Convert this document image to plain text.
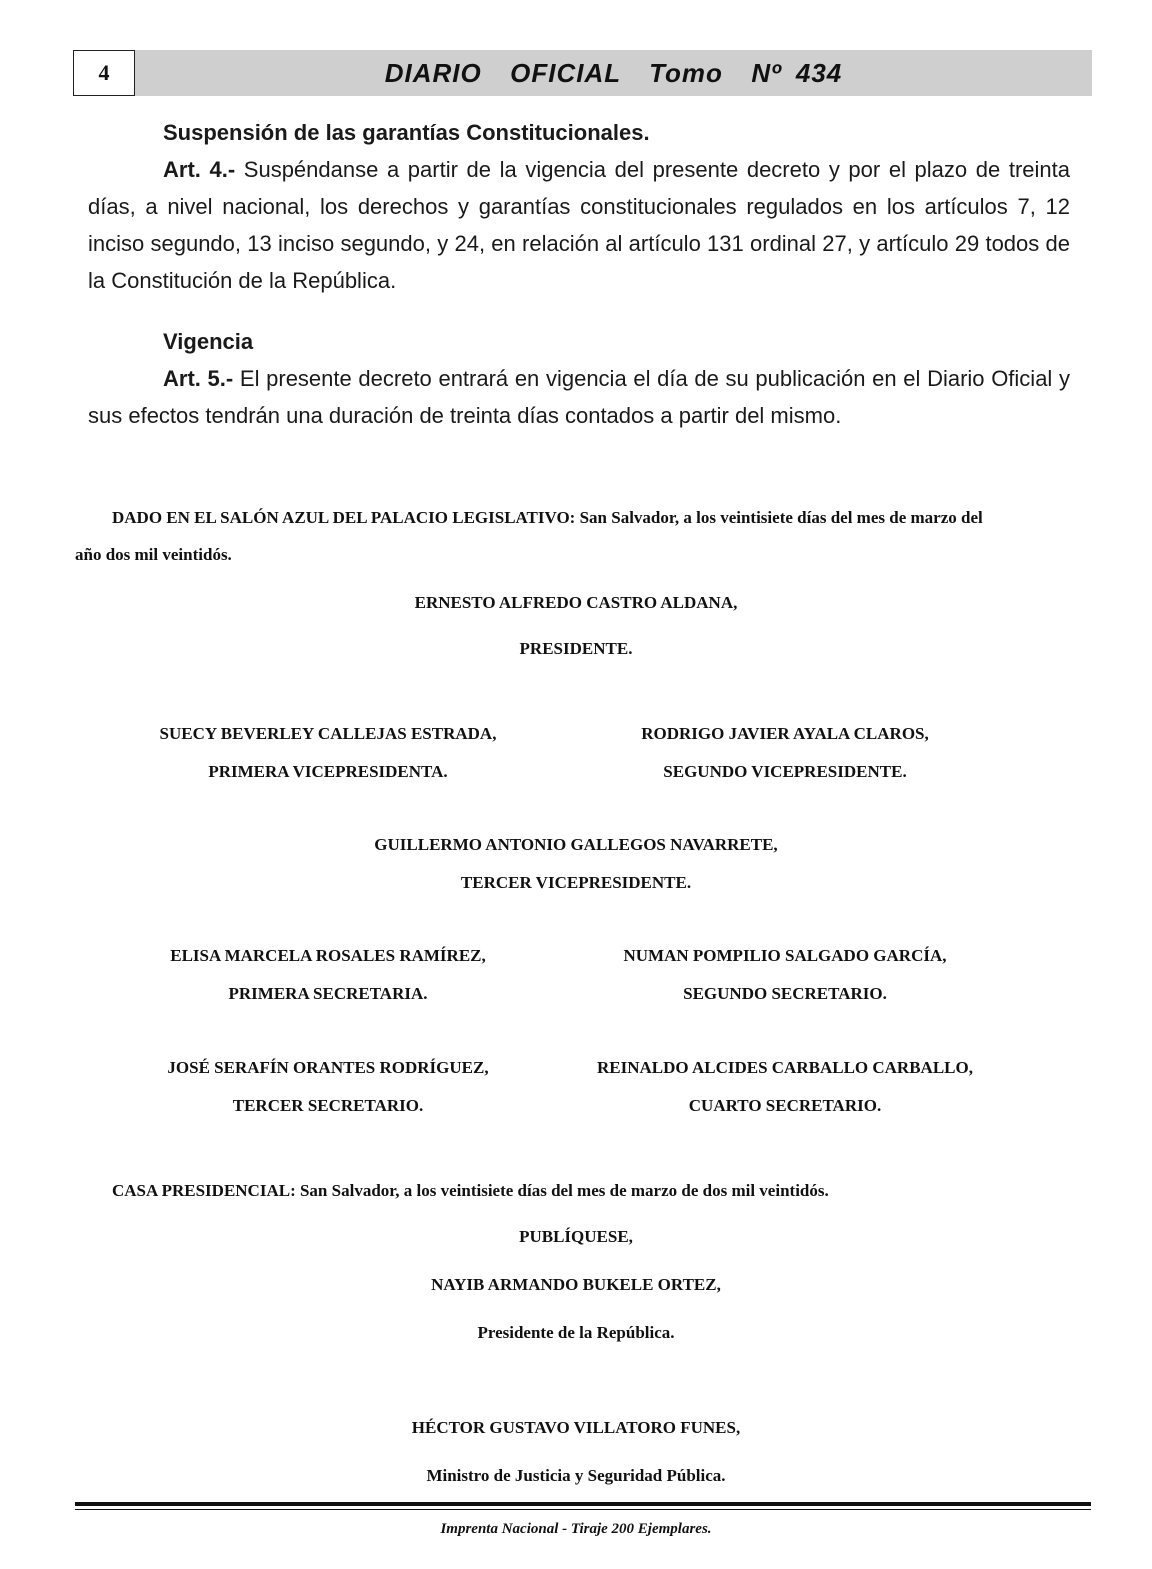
4	DIARIO  OFICIAL  Tomo  Nº 434
Suspensión de las garantías Constitucionales.

Art. 4.- Suspéndanse a partir de la vigencia del presente decreto y por el plazo de treinta días, a nivel nacional, los derechos y garantías constitucionales regulados en los artículos 7, 12 inciso segundo, 13 inciso segundo, y 24, en relación al artículo 131 ordinal 27, y artículo 29 todos de la Constitución de la República.

Vigencia

Art. 5.- El presente decreto entrará en vigencia el día de su publicación en el Diario Oficial y sus efectos tendrán una duración de treinta días contados a partir del mismo.

DADO EN EL SALÓN AZUL DEL PALACIO LEGISLATIVO: San Salvador, a los veintisiete días del mes de marzo del
año dos mil veintidós.
ERNESTO ALFREDO CASTRO ALDANA,
PRESIDENTE.
SUECY BEVERLEY CALLEJAS ESTRADA,
PRIMERA VICEPRESIDENTA.
RODRIGO JAVIER AYALA CLAROS,
SEGUNDO VICEPRESIDENTE.
GUILLERMO ANTONIO GALLEGOS NAVARRETE,
TERCER VICEPRESIDENTE.
ELISA MARCELA ROSALES RAMÍREZ,
PRIMERA SECRETARIA.
NUMAN POMPILIO SALGADO GARCÍA,
SEGUNDO SECRETARIO.
JOSÉ SERAFÍN ORANTES RODRÍGUEZ,
TERCER SECRETARIO.
REINALDO ALCIDES CARBALLO CARBALLO,
CUARTO SECRETARIO.
CASA PRESIDENCIAL: San Salvador, a los veintisiete días del mes de marzo de dos mil veintidós.
PUBLÍQUESE,
NAYIB ARMANDO BUKELE ORTEZ,
Presidente de la República.
HÉCTOR GUSTAVO VILLATORO FUNES,
Ministro de Justicia y Seguridad Pública.
Imprenta Nacional - Tiraje 200 Ejemplares.
